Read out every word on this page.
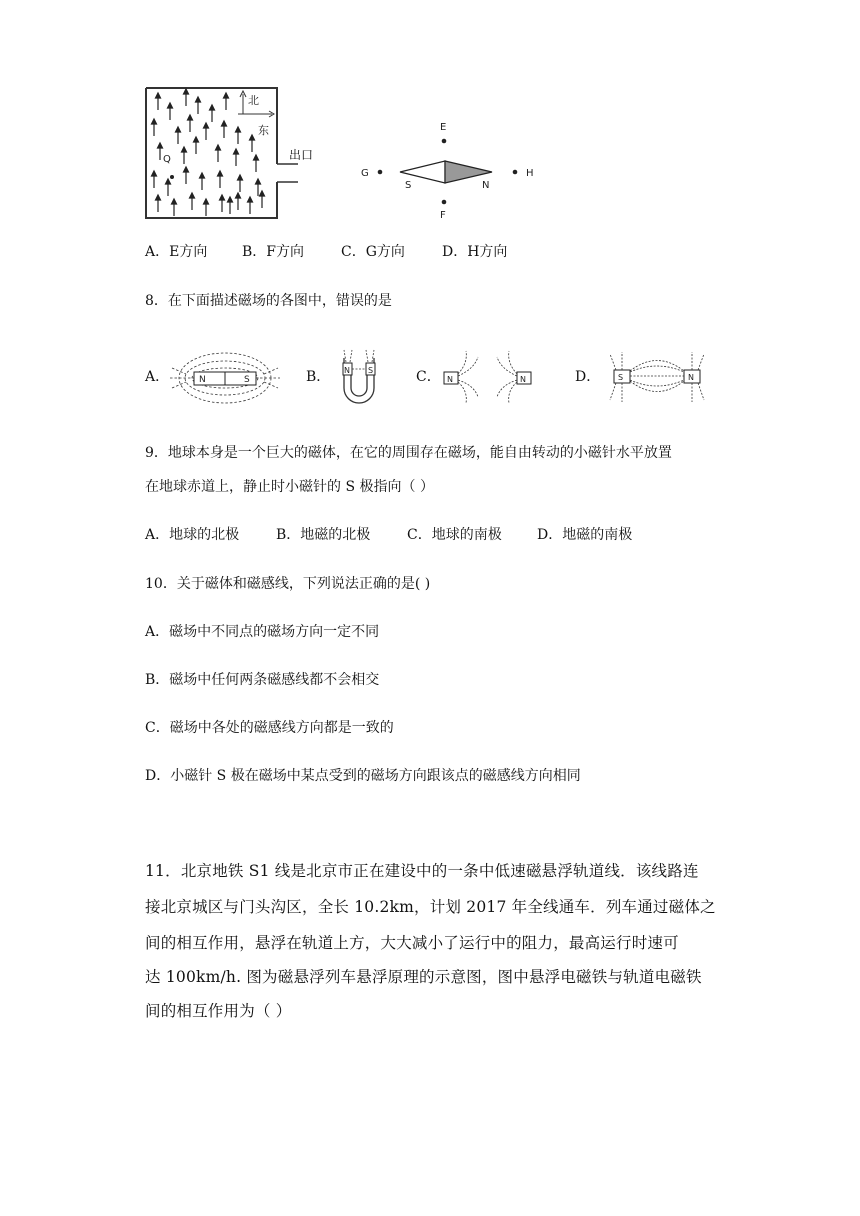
北
东
Q	出口
E
G
S	N
H
F
A．E方向 B．F方向	C．G方向	D．H方向
8．在下面描述磁场的各图中，错误的是
A．	N	S	B． N S	C． N	N	D． S	N
9．地球本身是一个巨大的磁体，在它的周围存在磁场，能自由转动的小磁针水平放置
在地球赤道上，静止时小磁针的 S 极指向（ ）
A．地球的北极	B．地磁的北极	C．地球的南极	D．地磁的南极
10．关于磁体和磁感线，下列说法正确的是( )
A．磁场中不同点的磁场方向一定不同
B．磁场中任何两条磁感线都不会相交
C．磁场中各处的磁感线方向都是一致的
D．小磁针 S 极在磁场中某点受到的磁场方向跟该点的磁感线方向相同
11．北京地铁 S1 线是北京市正在建设中的一条中低速磁悬浮轨道线．该线路连
接北京城区与门头沟区，全长 10.2km，计划 2017 年全线通车．列车通过磁体之
间的相互作用，悬浮在轨道上方，大大减小了运行中的阻力，最高运行时速可
达 100km/h. 图为磁悬浮列车悬浮原理的示意图，图中悬浮电磁铁与轨道电磁铁
间的相互作用为（ ）
